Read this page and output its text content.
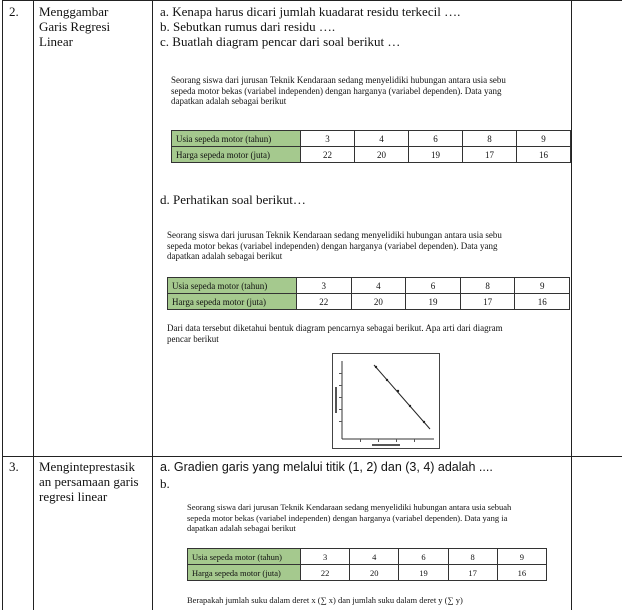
2. Menggambar
Garis Regresi
Linear
a. Kenapa harus dicari jumlah kuadarat residu terkecil ….
b. Sebutkan rumus dari residu ….
c. Buatlah diagram pencar dari soal berikut …
Seorang siswa dari jurusan Teknik Kendaraan sedang menyelidiki hubungan antara usia sebu
sepeda motor bekas (variabel independen) dengan harganya (variabel dependen). Data yang
dapatkan adalah sebagai berikut
Usia sepeda motor (tahun)	3	4	6	8	9
Harga sepeda motor (juta)	22	20	19	17	16
d. Perhatikan soal berikut…
Seorang siswa dari jurusan Teknik Kendaraan sedang menyelidiki hubungan antara usia sebu
sepeda motor bekas (variabel independen) dengan harganya (variabel dependen). Data yang
dapatkan adalah sebagai berikut
Usia sepeda motor (tahun)	3	4	6	8	9
Harga sepeda motor (juta)	22	20	19	17	16
Dari data tersebut diketahui bentuk diagram pencarnya sebagai berikut. Apa arti dari diagram
pencar berikut
3. Menginteprestasik
an persamaan garis
regresi linear
a. Gradien garis yang melalui titik (1, 2) dan (3, 4) adalah ....
b.
Seorang siswa dari jurusan Teknik Kendaraan sedang menyelidiki hubungan antara usia sebuah
sepeda motor bekas (variabel independen) dengan harganya (variabel dependen). Data yang ia
dapatkan adalah sebagai berikut
Usia sepeda motor (tahun)	3	4	6	8	9
Harga sepeda motor (juta)	22	20	19	17	16
Berapakah jumlah suku dalam deret x (∑ x) dan jumlah suku dalam deret y (∑ y)
